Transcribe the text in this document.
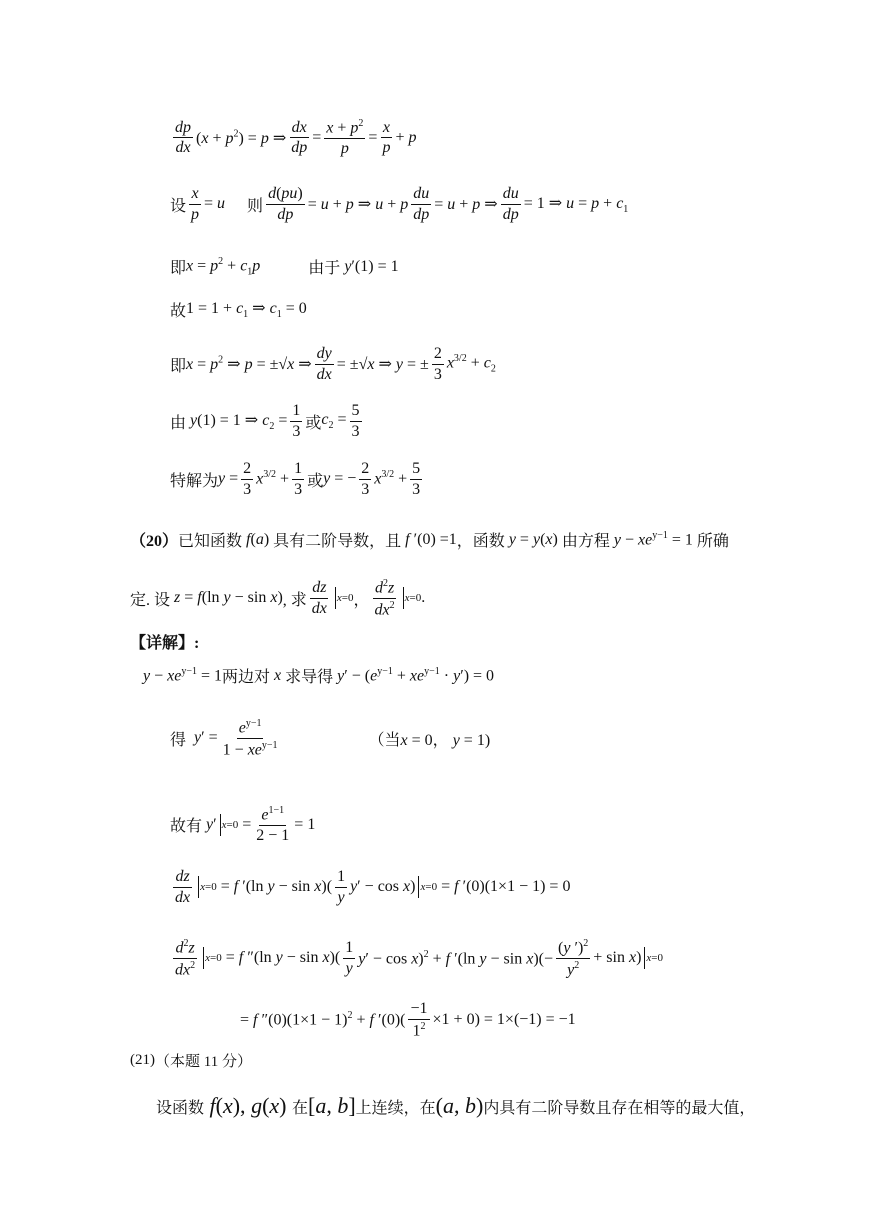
$\frac{dp}{dx} (x + p^2) = p$ ⇒ $\frac{dx}{dp} = \frac{x + p^2}{p} = \frac{x}{p} + p$
设 $\frac{x}{p} = u$ 则 $\frac{d(pu)}{dp} = u + p$ ⇒ u + p $\frac{du}{dp} = u + p$ ⇒ $\frac{du}{dp} = 1$ ⇒ $u = p + c_1$
即 $x = p^2 + c_1p$	由于 y′(1) = 1
故 $1 = 1 + c_1$ ⇒ $c_1 = 0$
即 $x = p^2$ ⇒ p = ±√x ⇒ $\frac{dy}{dx} = \pm√x$ ⇒ y = ± $\frac{2}{3} x^{3/2} + c_2$
由 y(1) = 1 ⇒ $c_2 = \frac{1}{3}$ 或 $c_2 = \frac{5}{3}$
特解为 $y = \frac{2}{3} x^{3/2} + \frac{1}{3}$ 或 y = − $\frac{2}{3} x^{3/2} + \frac{5}{3}$
（20） 已知函数 f(a) 具有二阶导数，且 f ′(0) =1 ，函数 y = y(x) 由方程 $y - xe^{y-1} = 1$ 所确
定. 设 z = f(ln y − sin x) , 求 $\frac{dz}{dx} x=0$ ， $\frac{d^2z}{dx^2} x=0$ .
【详解】:
$y - xe^{y-1} = 1$ 两边对 x 求导得 $y' - (e^{y-1} + xe^{y-1} \cdot y') = 0$
得 $y' = \frac{e^{y-1}}{1 - xe^{y-1}}$	（当 x = 0， y = 1)
故有 y′ $x=0 = \frac{e^{1-1}}{2 - 1} = 1$
$\frac{dz}{dx} x=0 = f$ ′(ln $y - \sin x)( \frac{1}{y} y' - \cos x)$ x=0 = f ′(0)(1×1 − 1) = 0
$\frac{d^2z}{dx^2} x=0 = f$ ″(ln $y - \sin x)( \frac{1}{y} y' - \cos x)^2 + f$ ′(ln $y - \sin x)(- \frac{(y ')^2}{y^2} + \sin x)$ x=0
= f $''(0)(1\times 1 - 1)^2 + f$ $'(0)( \frac{-1}{1^2} \times 1 + 0) = 1\times(-1) = -1$
(21) （本题 11 分）
设函数 f(x), g(x) 在 [a, b] 上连续，在 (a, b) 内具有二阶导数且存在相等的最大值，
